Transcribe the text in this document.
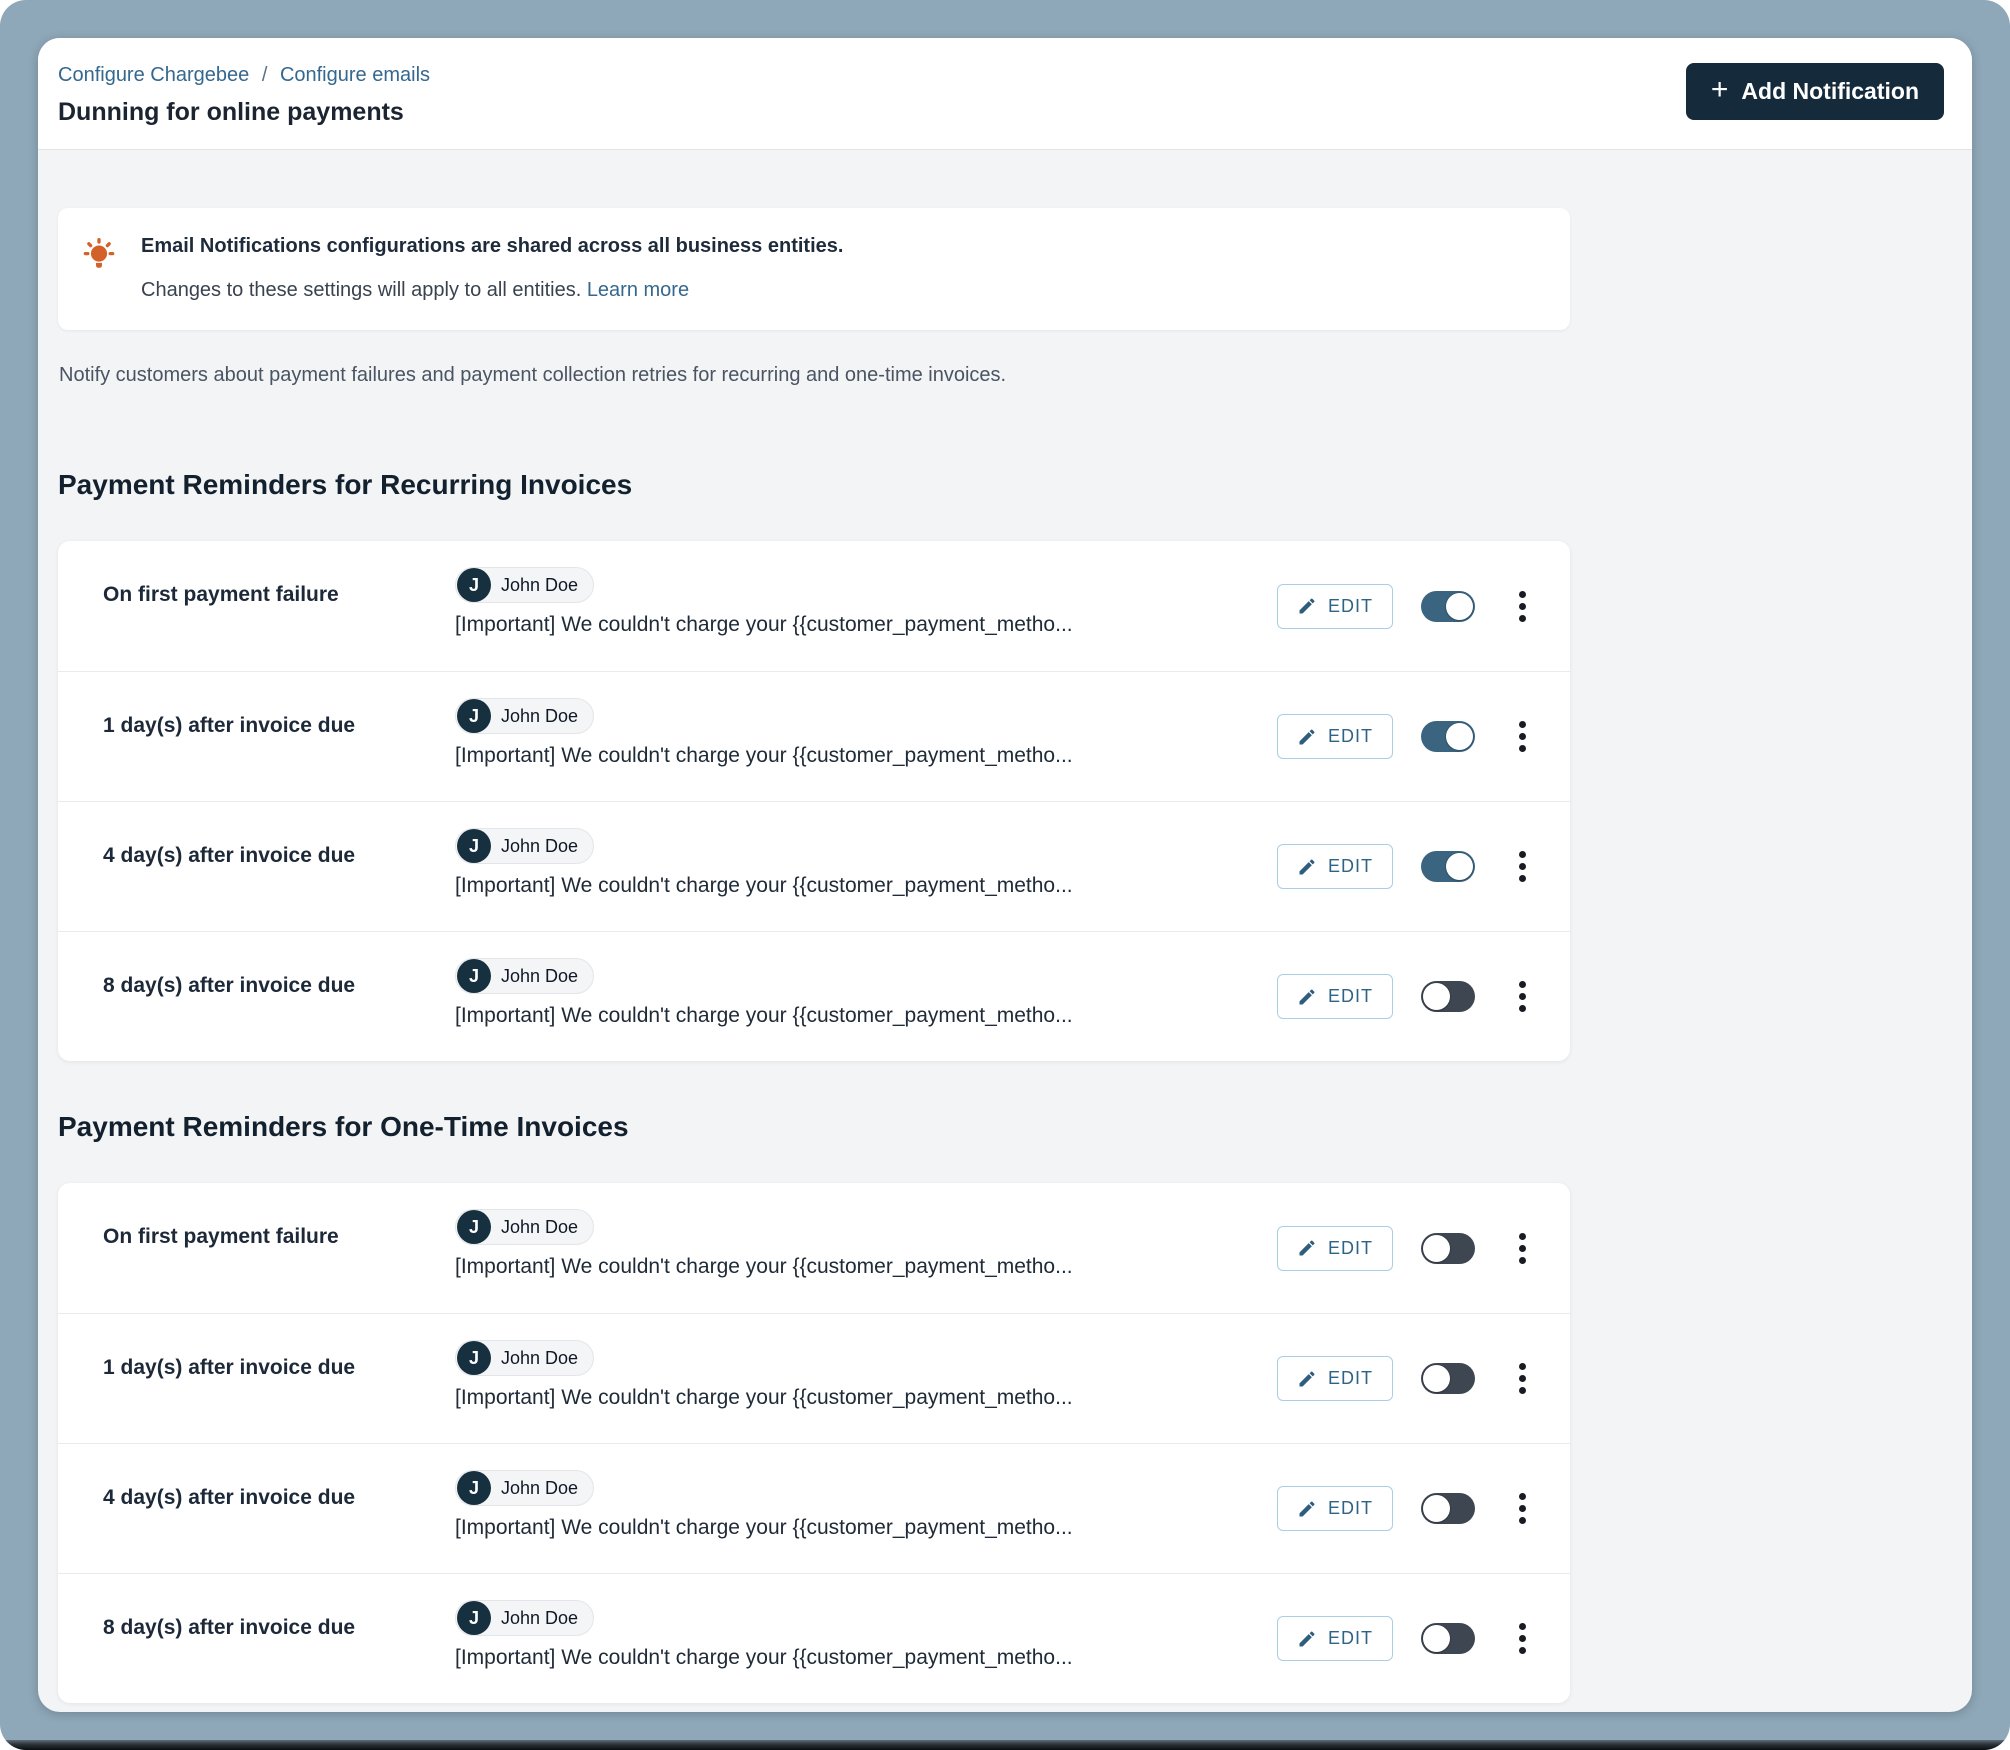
Configure Chargebee / Configure emails
Dunning for online payments
+ Add Notification

Email Notifications configurations are shared across all business entities.

Changes to these settings will apply to all entities. Learn more

Notify customers about payment failures and payment collection retries for recurring and one-time invoices.

Payment Reminders for Recurring Invoices
On first payment failure	J	John Doe
[Important] We couldn't charge your {{customer_payment_metho...
EDIT
1 day(s) after invoice due	J	John Doe
[Important] We couldn't charge your {{customer_payment_metho...
EDIT
4 day(s) after invoice due	J	John Doe
[Important] We couldn't charge your {{customer_payment_metho...
EDIT
8 day(s) after invoice due	J	John Doe
[Important] We couldn't charge your {{customer_payment_metho...
EDIT
Payment Reminders for One-Time Invoices
On first payment failure	J	John Doe
[Important] We couldn't charge your {{customer_payment_metho...
EDIT
1 day(s) after invoice due	J	John Doe
[Important] We couldn't charge your {{customer_payment_metho...
EDIT
4 day(s) after invoice due	J	John Doe
[Important] We couldn't charge your {{customer_payment_metho...
EDIT
8 day(s) after invoice due	J	John Doe
[Important] We couldn't charge your {{customer_payment_metho...
EDIT
